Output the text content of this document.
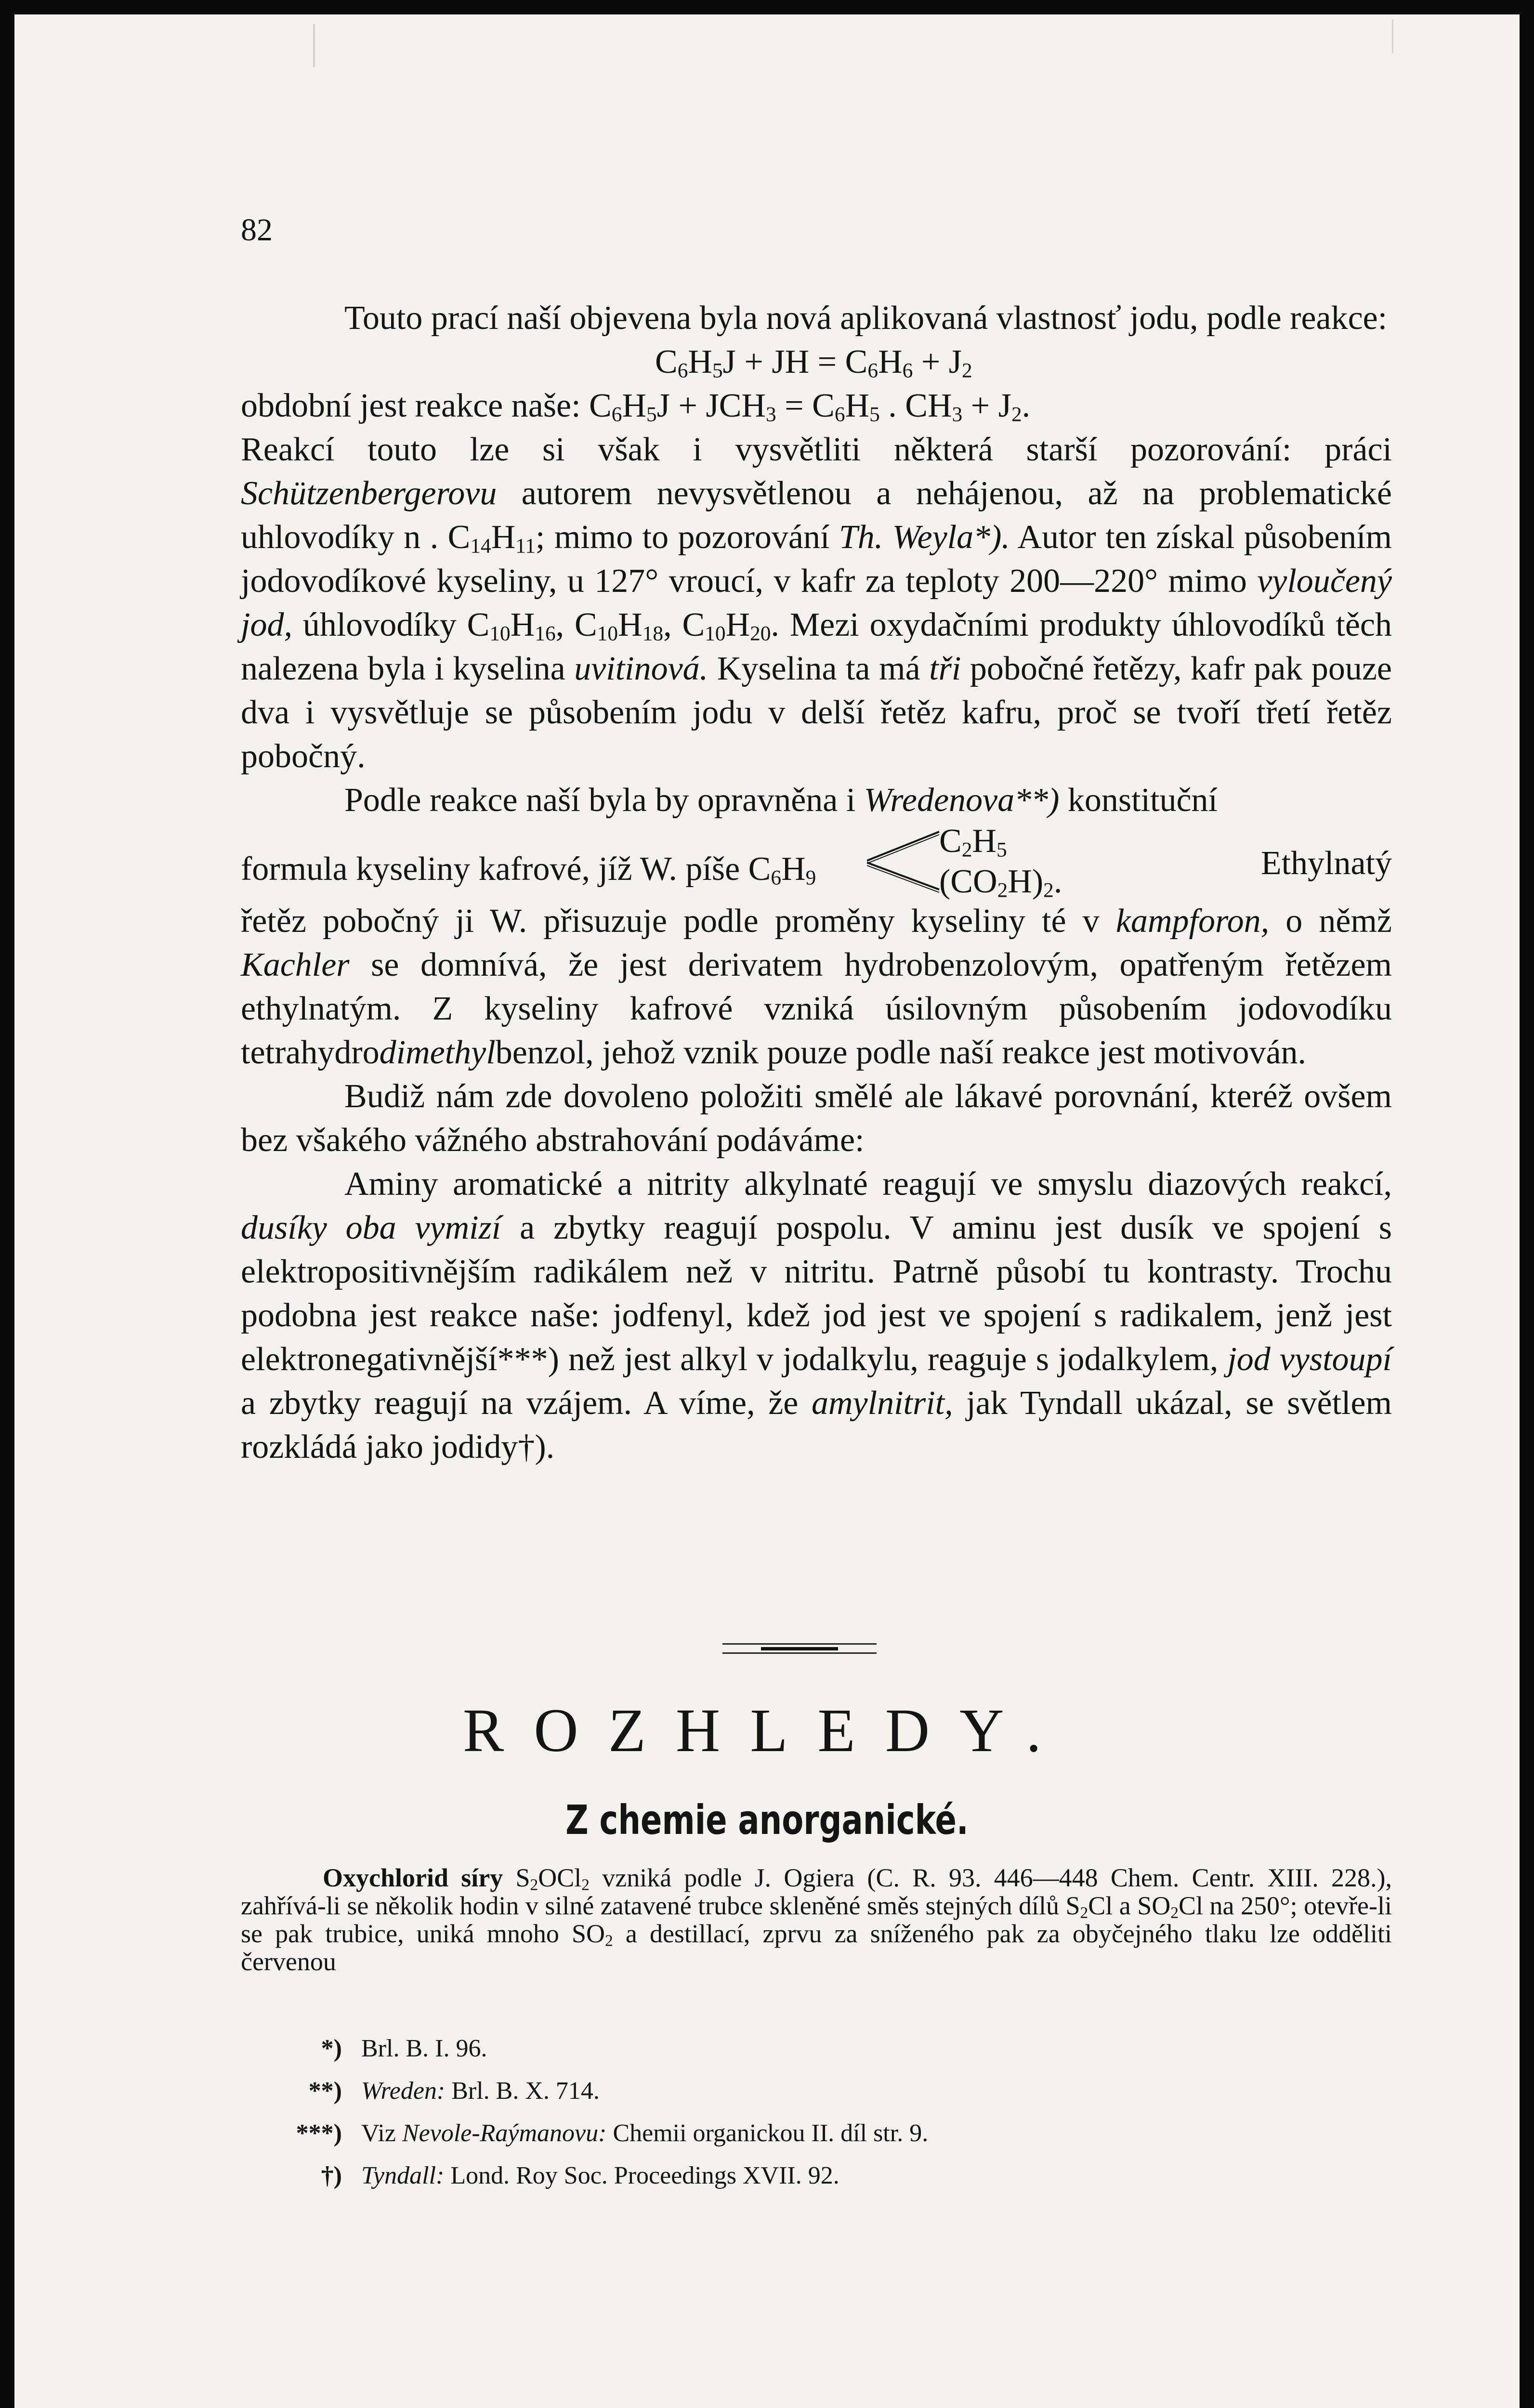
82

Touto prací naší objevena byla nová aplikovaná vlastnosť jodu, podle reakce:

$C_6H_5J$ + JH = $C_6H_6 + J_2$

obdobní jest reakce naše: $C_6H_5J + JCH_3 = C_6H_5$ . $CH_3 + J_2$.

Reakcí touto lze si však i vysvětliti některá starší pozorování: práci Schützenbergerovu autorem nevysvětlenou a nehájenou, až na problematické uhlovodíky n . $C_{14}H_{11}$; mimo to pozorování Th. Weyla*). Autor ten získal působením jodovodíkové kyseliny, u 127° vroucí, v kafr za teploty 200—220° mimo vyloučený jod, úhlovodíky $C_{10}H_{16}$, $C_{10}H_{18}$, $C_{10}H_{20}$. Mezi oxydačními produkty úhlovodíků těch nalezena byla i kyselina uvitinová. Kyselina ta má tři pobočné řetězy, kafr pak pouze dva i vysvětluje se působením jodu v delší řetěz kafru, proč se tvoří třetí řetěz pobočný.

Podle reakce naší byla by opravněna i Wredenova**) konstituční

formula kyseliny kafrové, jíž W. píše $C_6H_9$
$C_2H_5$
$(CO_2H)_2$.	Ethylnatý

řetěz pobočný ji W. přisuzuje podle proměny kyseliny té v kampforon, o němž Kachler se domnívá, že jest derivatem hydrobenzolovým, opatřeným řetězem ethylnatým. Z kyseliny kafrové vzniká úsilovným působením jodovodíku tetrahydrodimethylbenzol, jehož vznik pouze podle naší reakce jest motivován.

Budiž nám zde dovoleno položiti smělé ale lákavé porovnání, kteréž ovšem bez všakého vážného abstrahování podáváme:

Aminy aromatické a nitrity alkylnaté reagují ve smyslu diazových reakcí, dusíky oba vymizí a zbytky reagují pospolu. V aminu jest dusík ve spojení s elektropositivnějším radikálem než v nitritu. Patrně působí tu kontrasty. Trochu podobna jest reakce naše: jodfenyl, kdež jod jest ve spojení s radikalem, jenž jest elektronegativnější***) než jest alkyl v jodalkylu, reaguje s jodalkylem, jod vystoupí a zbytky reagují na vzájem. A víme, že amylnitrit, jak Tyndall ukázal, se světlem rozkládá jako jodidy†).

ROZHLEDY.
Z chemie anorganické.
Oxychlorid síry $S_2OCl_2$ vzniká podle J. Ogiera (C. R. 93. 446—448 Chem. Centr. XIII. 228.), zahřívá-li se několik hodin v silné zatavené trubce skleněné směs stejných dílů $S_2Cl$ a $SO_2Cl$ na 250°; otevře-li se pak trubice, uniká mnoho $SO_2$ a destillací, zprvu za sníženého pak za obyčejného tlaku lze odděliti červenou
*) Brl. B. I. 96.
**) Wreden: Brl. B. X. 714.
***) Viz Nevole-Raýmanovu: Chemii organickou II. díl str. 9.
†) Tyndall: Lond. Roy Soc. Proceedings XVII. 92.
